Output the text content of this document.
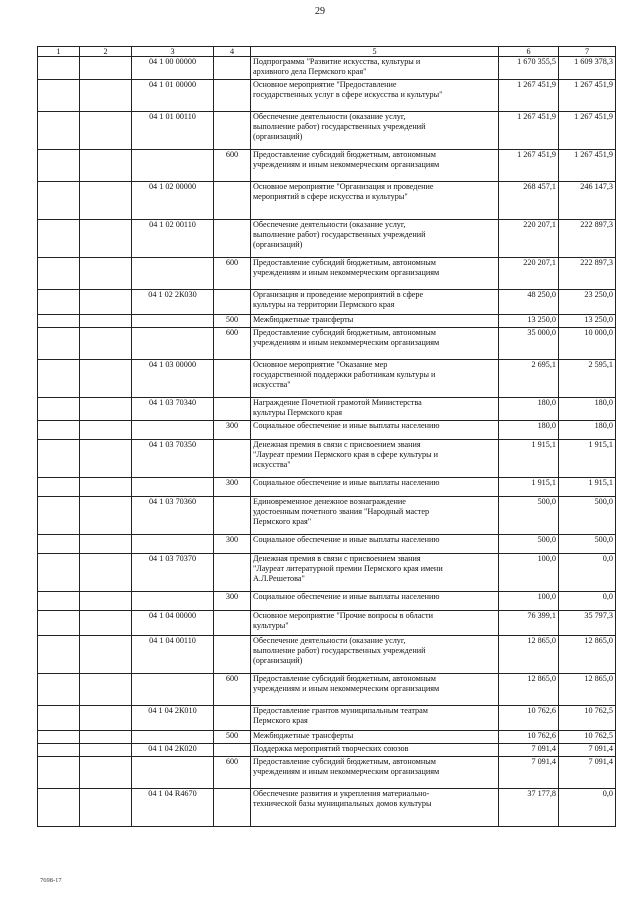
29
1	2	3	4	5	6	7
		04 1 00 00000		Подпрограмма "Развитие искусства, культуры и
архивного дела Пермского края"	1 670 355,5	1 609 378,3
		04 1 01 00000		Основное мероприятие "Предоставление
государственных услуг в сфере искусства и культуры"	1 267 451,9	1 267 451,9
		04 1 01 00110		Обеспечение деятельности (оказание услуг,
выполнение работ) государственных учреждений
(организаций)	1 267 451,9	1 267 451,9
			600	Предоставление субсидий бюджетным, автономным
учреждениям и иным некоммерческим организациям	1 267 451,9	1 267 451,9
		04 1 02 00000		Основное мероприятие "Организация и проведение
мероприятий в сфере искусства и культуры"	268 457,1	246 147,3
		04 1 02 00110		Обеспечение деятельности (оказание услуг,
выполнение работ) государственных учреждений
(организаций)	220 207,1	222 897,3
			600	Предоставление субсидий бюджетным, автономным
учреждениям и иным некоммерческим организациям	220 207,1	222 897,3
		04 1 02 2К030		Организация и проведение мероприятий в сфере
культуры на территории Пермского края	48 250,0	23 250,0
			500	Межбюджетные трансферты	13 250,0	13 250,0
			600	Предоставление субсидий бюджетным, автономным
учреждениям и иным некоммерческим организациям	35 000,0	10 000,0
		04 1 03 00000		Основное мероприятие "Оказание мер
государственной поддержки работникам культуры и
искусства"	2 695,1	2 595,1
		04 1 03 70340		Награждение Почетной грамотой Министерства
культуры Пермского края	180,0	180,0
			300	Социальное обеспечение и иные выплаты населению	180,0	180,0
		04 1 03 70350		Денежная премия в связи с присвоением звания
"Лауреат премии Пермского края в сфере культуры и
искусства"	1 915,1	1 915,1
			300	Социальное обеспечение и иные выплаты населению	1 915,1	1 915,1
		04 1 03 70360		Единовременное денежное вознаграждение
удостоенным почетного звания "Народный мастер
Пермского края"	500,0	500,0
			300	Социальное обеспечение и иные выплаты населению	500,0	500,0
		04 1 03 70370		Денежная премия в связи с присвоением звания
"Лауреат литературной премии Пермского края имени
А.Л.Решетова"	100,0	0,0
			300	Социальное обеспечение и иные выплаты населению	100,0	0,0
		04 1 04 00000		Основное мероприятие "Прочие вопросы в области
культуры"	76 399,1	35 797,3
		04 1 04 00110		Обеспечение деятельности (оказание услуг,
выполнение работ) государственных учреждений
(организаций)	12 865,0	12 865,0
			600	Предоставление субсидий бюджетным, автономным
учреждениям и иным некоммерческим организациям	12 865,0	12 865,0
		04 1 04 2К010		Предоставление грантов муниципальным театрам
Пермского края	10 762,6	10 762,5
			500	Межбюджетные трансферты	10 762,6	10 762,5
		04 1 04 2К020		Поддержка мероприятий творческих союзов	7 091,4	7 091,4
			600	Предоставление субсидий бюджетным, автономным
учреждениям и иным некоммерческим организациям	7 091,4	7 091,4
		04 1 04 R4670		Обеспечение развития и укрепления материально-
технической базы муниципальных домов культуры	37 177,8	0,0
7698-17
